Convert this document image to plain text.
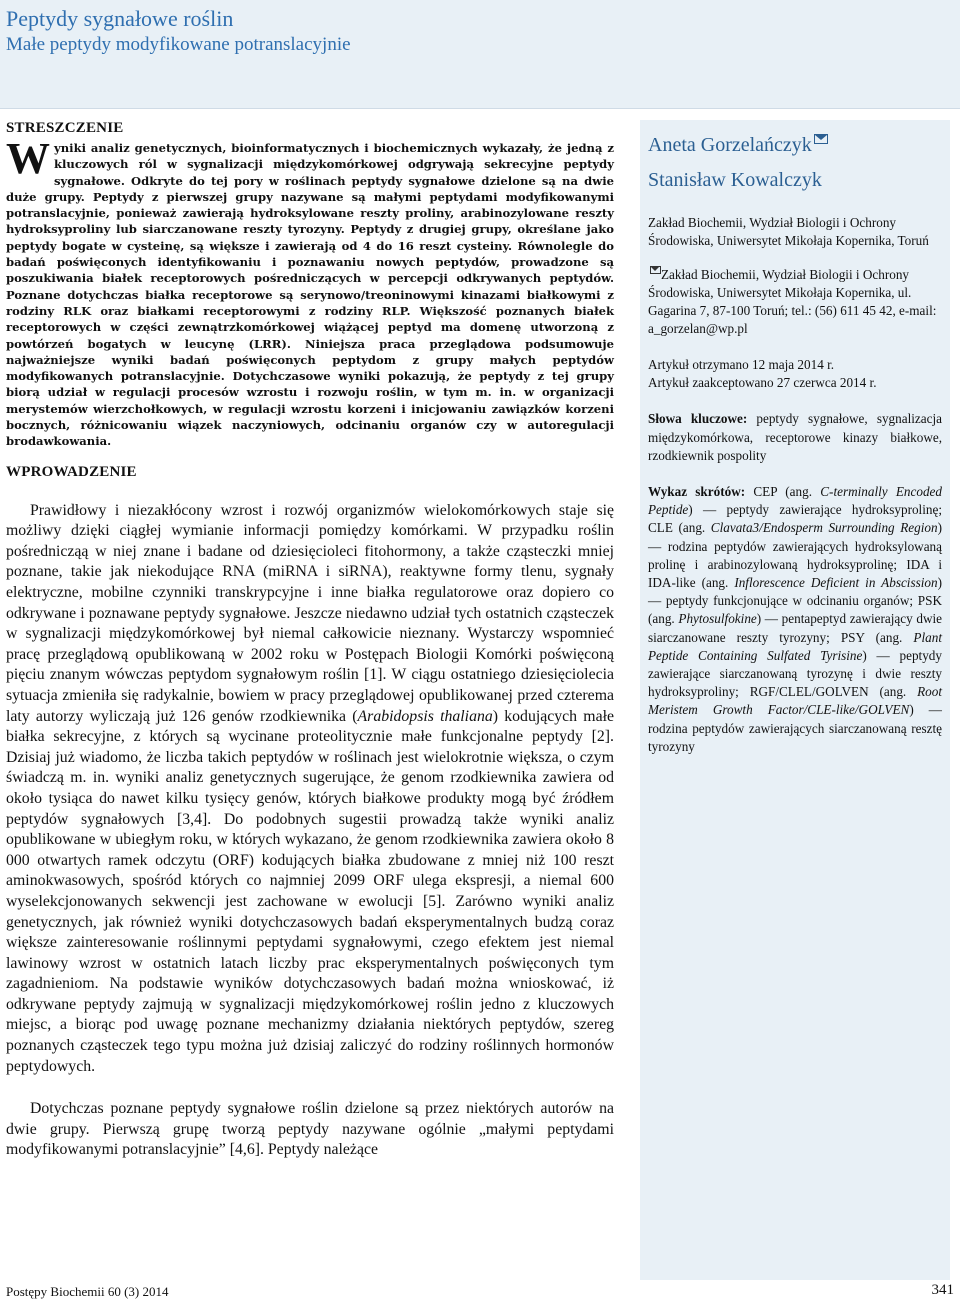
Peptydy sygnałowe roślin
Małe peptydy modyfikowane potranslacyjnie
STRESZCZENIE

Wyniki analiz genetycznych, bioinformatycznych i biochemicznych wykazały, że jedną z kluczowych ról w sygnalizacji międzykomórkowej odgrywają sekrecyjne peptydy sygnałowe. Odkryte do tej pory w roślinach peptydy sygnałowe dzielone są na dwie duże grupy. Peptydy z pierwszej grupy nazywane są małymi peptydami modyfikowanymi potranslacyjnie, ponieważ zawierają hydroksylowane reszty proliny, arabinozylowane reszty hydroksyproliny lub siarczanowane reszty tyrozyny. Peptydy z drugiej grupy, określane jako peptydy bogate w cysteinę, są większe i zawierają od 4 do 16 reszt cysteiny. Równolegle do badań poświęconych identyfikowaniu i poznawaniu nowych peptydów, prowadzone są poszukiwania białek receptorowych pośredniczących w percepcji odkrywanych peptydów. Poznane dotychczas białka receptorowe są serynowo/treoninowymi kinazami białkowymi z rodziny RLK oraz białkami receptorowymi z rodziny RLP. Większość poznanych białek receptorowych w części zewnątrzkomórkowej wiążącej peptyd ma domenę utworzoną z powtórzeń bogatych w leucynę (LRR). Niniejsza praca przeglądowa podsumowuje najważniejsze wyniki badań poświęconych peptydom z grupy małych peptydów modyfikowanych potranslacyjnie. Dotychczasowe wyniki pokazują, że peptydy z tej grupy biorą udział w regulacji procesów wzrostu i rozwoju roślin, w tym m. in. w organizacji merystemów wierzchołkowych, w regulacji wzrostu korzeni i inicjowaniu zawiązków korzeni bocznych, różnicowaniu wiązek naczyniowych, odcinaniu organów czy w autoregulacji brodawkowania.

WPROWADZENIE

Prawidłowy i niezakłócony wzrost i rozwój organizmów wielokomórkowych staje się możliwy dzięki ciągłej wymianie informacji pomiędzy komórkami. W przypadku roślin pośrednicząą w niej znane i badane od dziesięcioleci fitohormony, a także cząsteczki mniej poznane, takie jak niekodujące RNA (miRNA i siRNA), reaktywne formy tlenu, sygnały elektryczne, mobilne czynniki transkrypcyjne i inne białka regulatorowe oraz dopiero co odkrywane i poznawane peptydy sygnałowe. Jeszcze niedawno udział tych ostatnich cząsteczek w sygnalizacji międzykomórkowej był niemal całkowicie nieznany. Wystarczy wspomnieć pracę przeglądową opublikowaną w 2002 roku w Postępach Biologii Komórki poświęconą pięciu znanym wówczas peptydom sygnałowym roślin [1]. W ciągu ostatniego dziesięciolecia sytuacja zmieniła się radykalnie, bowiem w pracy przeglądowej opublikowanej przed czterema laty autorzy wyliczają już 126 genów rzodkiewnika (Arabidopsis thaliana) kodujących małe białka sekrecyjne, z których są wycinane proteolitycznie małe funkcjonalne peptydy [2]. Dzisiaj już wiadomo, że liczba takich peptydów w roślinach jest wielokrotnie większa, o czym świadczą m. in. wyniki analiz genetycznych sugerujące, że genom rzodkiewnika zawiera od około tysiąca do nawet kilku tysięcy genów, których białkowe produkty mogą być źródłem peptydów sygnałowych [3,4]. Do podobnych sugestii prowadzą także wyniki analiz opublikowane w ubiegłym roku, w których wykazano, że genom rzodkiewnika zawiera około 8 000 otwartych ramek odczytu (ORF) kodujących białka zbudowane z mniej niż 100 reszt aminokwasowych, spośród których co najmniej 2099 ORF ulega ekspresji, a niemal 600 wyselekcjonowanych sekwencji jest zachowane w ewolucji [5]. Zarówno wyniki analiz genetycznych, jak również wyniki dotychczasowych badań eksperymentalnych budzą coraz większe zainteresowanie roślinnymi peptydami sygnałowymi, czego efektem jest niemal lawinowy wzrost w ostatnich latach liczby prac eksperymentalnych poświęconych tym zagadnieniom. Na podstawie wyników dotychczasowych badań można wnioskować, iż odkrywane peptydy zajmują w sygnalizacji międzykomórkowej roślin jedno z kluczowych miejsc, a biorąc pod uwagę poznane mechanizmy działania niektórych peptydów, szereg poznanych cząsteczek tego typu można już dzisiaj zaliczyć do rodziny roślinnych hormonów peptydowych.

Dotychczas poznane peptydy sygnałowe roślin dzielone są przez niektórych autorów na dwie grupy. Pierwszą grupę tworzą peptydy nazywane ogólnie „małymi peptydami modyfikowanymi potranslacyjnie” [4,6]. Peptydy należące

Aneta Gorzelańczyk

Stanisław Kowalczyk

Zakład Biochemii, Wydział Biologii i Ochrony Środowiska, Uniwersytet Mikołaja Kopernika, Toruń

Zakład Biochemii, Wydział Biologii i Ochrony Środowiska, Uniwersytet Mikołaja Kopernika, ul. Gagarina 7, 87-100 Toruń; tel.: (56) 611 45 42, e-mail: a_gorzelan@wp.pl

Artykuł otrzymano 12 maja 2014 r.

Artykuł zaakceptowano 27 czerwca 2014 r.

Słowa kluczowe: peptydy sygnałowe, sygnalizacja międzykomórkowa, receptorowe kinazy białkowe, rzodkiewnik pospolity

Wykaz skrótów: CEP (ang. C-terminally Encoded Peptide) — peptydy zawierające hydroksyprolinę; CLE (ang. Clavata3/Endosperm Surrounding Region) — rodzina peptydów zawierających hydroksylowaną prolinę i arabinozylowaną hydroksyprolinę; IDA i IDA-like (ang. Inflorescence Deficient in Abscission) — peptydy funkcjonujące w odcinaniu organów; PSK (ang. Phytosulfokine) — pentapeptyd zawierający dwie siarczanowane reszty tyrozyny; PSY (ang. Plant Peptide Containing Sulfated Tyrisine) — peptydy zawierające siarczanowaną tyrozynę i dwie reszty hydroksyproliny; RGF/CLEL/GOLVEN (ang. Root Meristem Growth Factor/CLE-like/GOLVEN) — rodzina peptydów zawierających siarczanowaną resztę tyrozyny

Postępy Biochemii 60 (3) 2014	341
